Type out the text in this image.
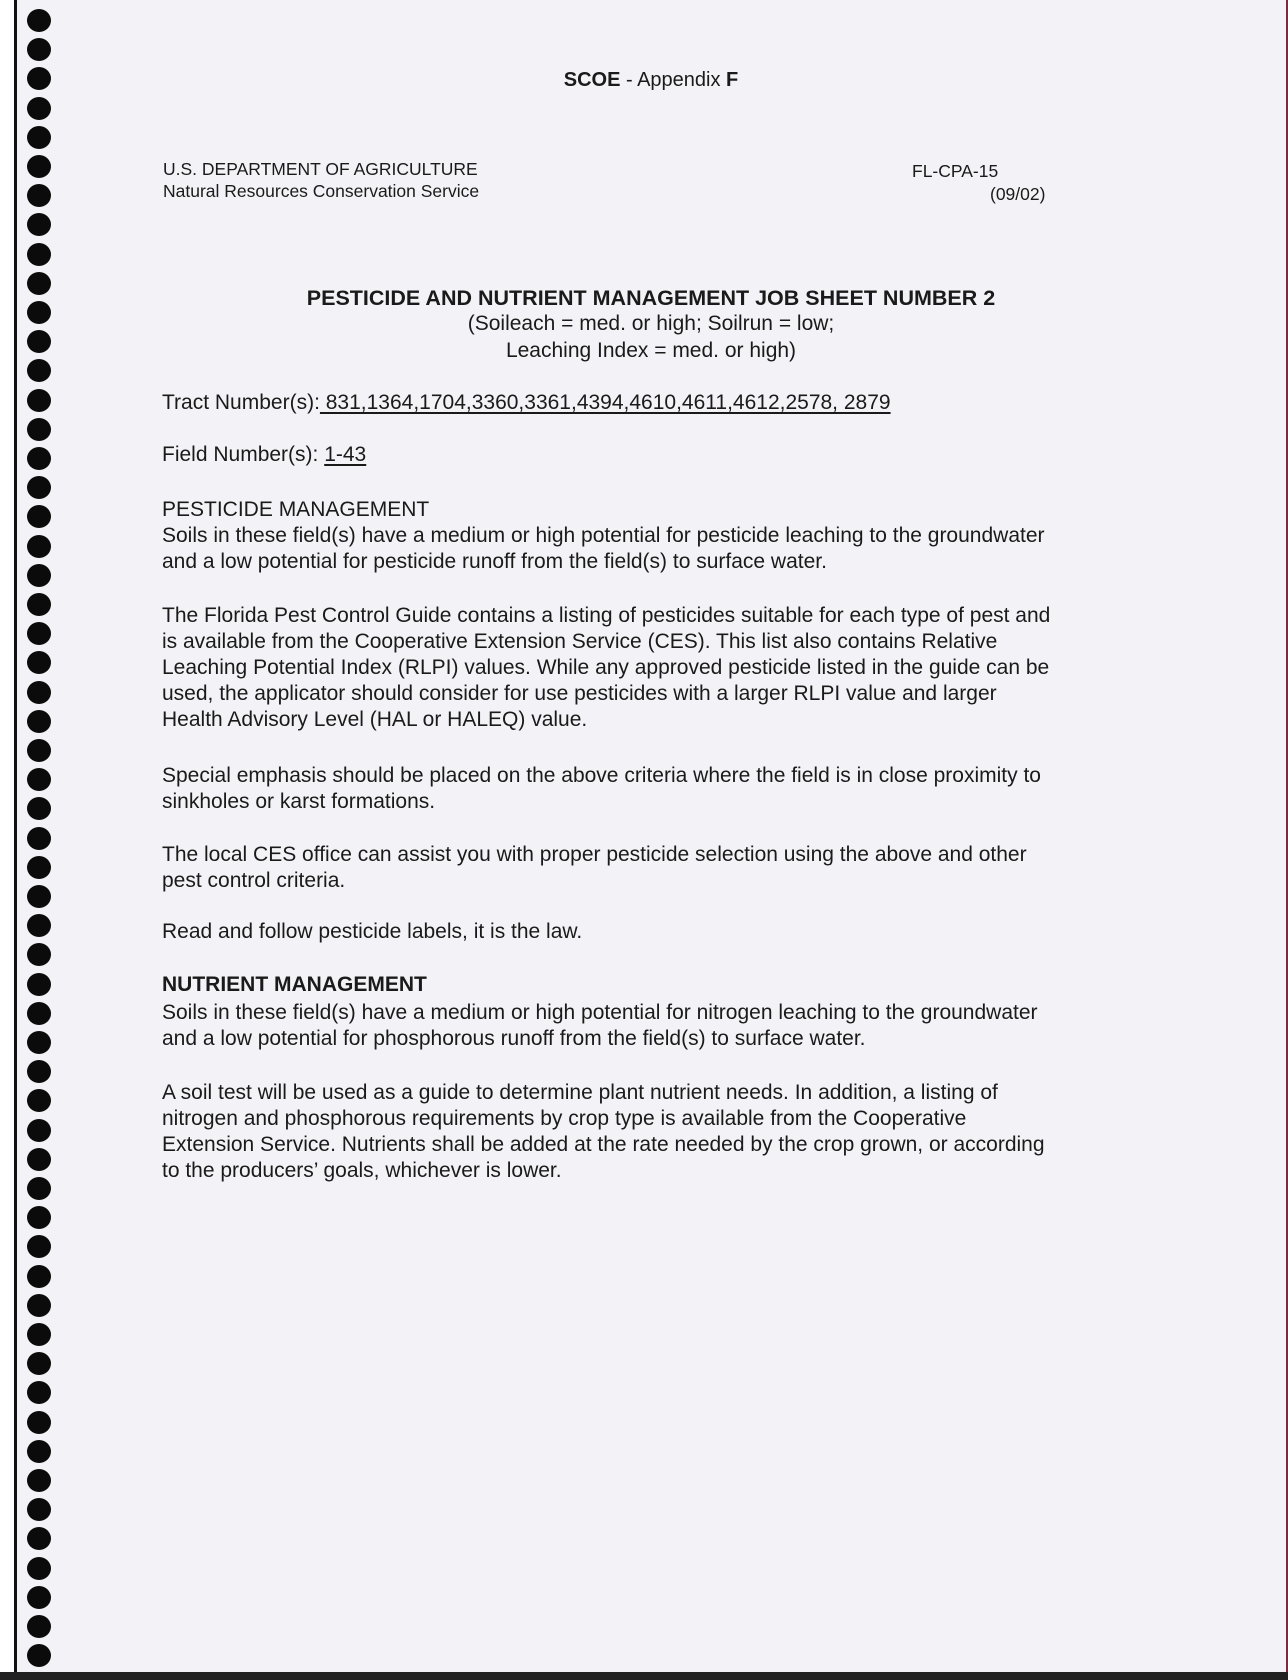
SCOE - Appendix F
U.S. DEPARTMENT OF AGRICULTURE
Natural Resources Conservation Service
FL-CPA-15
(09/02)
PESTICIDE AND NUTRIENT MANAGEMENT JOB SHEET NUMBER 2
(Soileach = med. or high; Soilrun = low;
Leaching Index = med. or high)
Tract Number(s): 831,1364,1704,3360,3361,4394,4610,4611,4612,2578, 2879
Field Number(s): 1-43
PESTICIDE MANAGEMENT
Soils in these field(s) have a medium or high potential for pesticide leaching to the groundwater
and a low potential for pesticide runoff from the field(s) to surface water.
The Florida Pest Control Guide contains a listing of pesticides suitable for each type of pest and
is available from the Cooperative Extension Service (CES). This list also contains Relative
Leaching Potential Index (RLPI) values. While any approved pesticide listed in the guide can be
used, the applicator should consider for use pesticides with a larger RLPI value and larger
Health Advisory Level (HAL or HALEQ) value.
Special emphasis should be placed on the above criteria where the field is in close proximity to
sinkholes or karst formations.
The local CES office can assist you with proper pesticide selection using the above and other
pest control criteria.
Read and follow pesticide labels, it is the law.
NUTRIENT MANAGEMENT
Soils in these field(s) have a medium or high potential for nitrogen leaching to the groundwater
and a low potential for phosphorous runoff from the field(s) to surface water.
A soil test will be used as a guide to determine plant nutrient needs. In addition, a listing of
nitrogen and phosphorous requirements by crop type is available from the Cooperative
Extension Service. Nutrients shall be added at the rate needed by the crop grown, or according
to the producers’ goals, whichever is lower.
